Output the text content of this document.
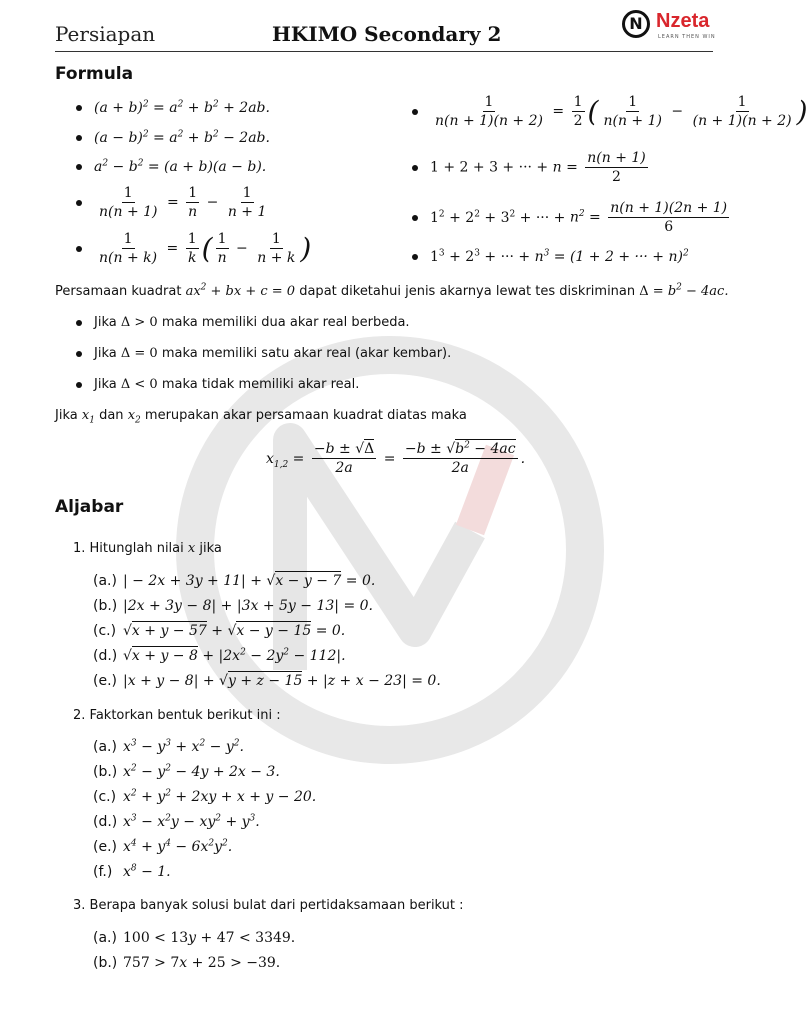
Persiapan	HKIMO Secondary 2	N Nzeta
LEARN THEN WIN
Formula
$(a + b)^2 = a^2 + b^2 + 2ab$.
$(a - b)^2 = a^2 + b^2 - 2ab$.
$a^2 - b^2 = (a + b)(a - b)$.
$\frac{1}{n(n + 1)} = \frac{1}{n} - \frac{1}{n + 1}$
$\frac{1}{n(n + k)} = \frac{1}{k}$ ( $\frac{1}{n} - \frac{1}{n + k}$ )
$\frac{1}{n(n + 1)(n + 2)} = \frac{1}{2}$ ( $\frac{1}{n(n + 1)} - \frac{1}{(n + 1)(n + 2)}$ )
1 + 2 + 3 + ··· + $n = \frac{n(n + 1)}{2}$
$1^2 + 2^2 + 3^2$ + ··· + $n^2 = \frac{n(n + 1)(2n + 1)}{6}$
$1^3 + 2^3$ + ··· + $n^3 = (1 + 2$ + ··· + n)$^2$
Persamaan kuadrat $ax^2$ + bx + c = 0 dapat diketahui jenis akarnya lewat tes diskriminan $\Delta = b^2 - 4ac$.
Jika Δ > 0 maka memiliki dua akar real berbeda.
Jika Δ = 0 maka memiliki satu akar real (akar kembar).
Jika Δ < 0 maka tidak memiliki akar real.
Jika $x_1$ dan $x_2$ merupakan akar persamaan kuadrat diatas maka
$x_{1,2} = \frac{-b \pm √\Delta}{2a} = \frac{-b \pm √b^2 - 4ac}{2a}$ .
Aljabar
1. Hitunglah nilai x jika
(a.) | − 2x + 3y + 11| + √x − y − 7 = 0.
(b.) |2x + 3y − 8| + |3x + 5y − 13| = 0.
(c.) √x + y − 57 + √x − y − 15 = 0.
(d.) $√x + y - 8 + |2x^2 - 2y^2 - 112|$.
(e.) |x + y − 8| + √y + z − 15 + |z + x − 23| = 0.
2. Faktorkan bentuk berikut ini :
(a.) $x^3 - y^3 + x^2 - y^2$.
(b.) $x^2 - y^2 - 4y + 2x - 3$.
(c.) $x^2 + y^2 + 2xy + x + y - 20$.
(d.) $x^3 - x^2y - xy^2 + y^3$.
(e.) $x^4 + y^4 - 6x^2y^2$.
(f.) $x^8 - 1$.
3. Berapa banyak solusi bulat dari pertidaksamaan berikut :
(a.) 100 < 13y + 47 < 3349.
(b.) 757 > 7x + 25 > −39.
